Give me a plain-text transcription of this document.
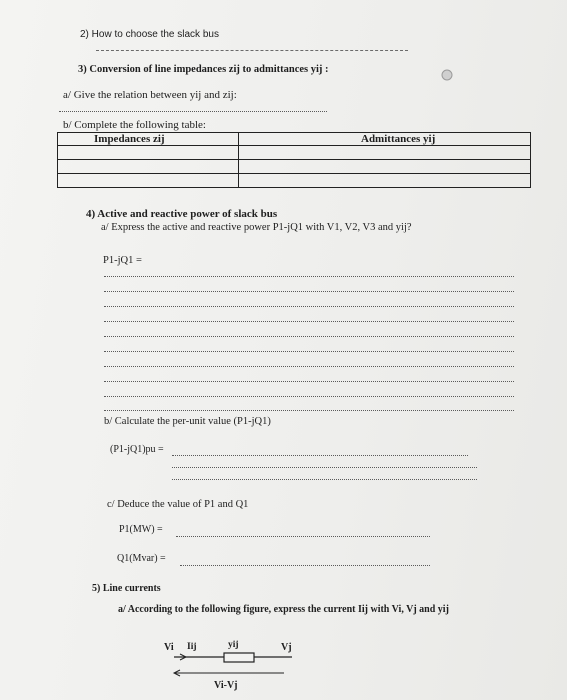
2) How to choose the slack bus
3) Conversion of line impedances zij to admittances yij :
a/ Give the relation between yij and zij:
b/ Complete the following table:
Impedances zij	Admittances yij

4) Active and reactive power of slack bus
a/ Express the active and reactive power P1-jQ1 with V1, V2, V3 and yij?
P1-jQ1 =
b/ Calculate the per-unit value (P1-jQ1)
(P1-jQ1)pu =
c/ Deduce the value of P1 and Q1
P1(MW) =
Q1(Mvar) =
5) Line currents
a/ According to the following figure, express the current Iij with Vi, Vj and yij
Vi Iij	yij	Vj
Vi-Vj
